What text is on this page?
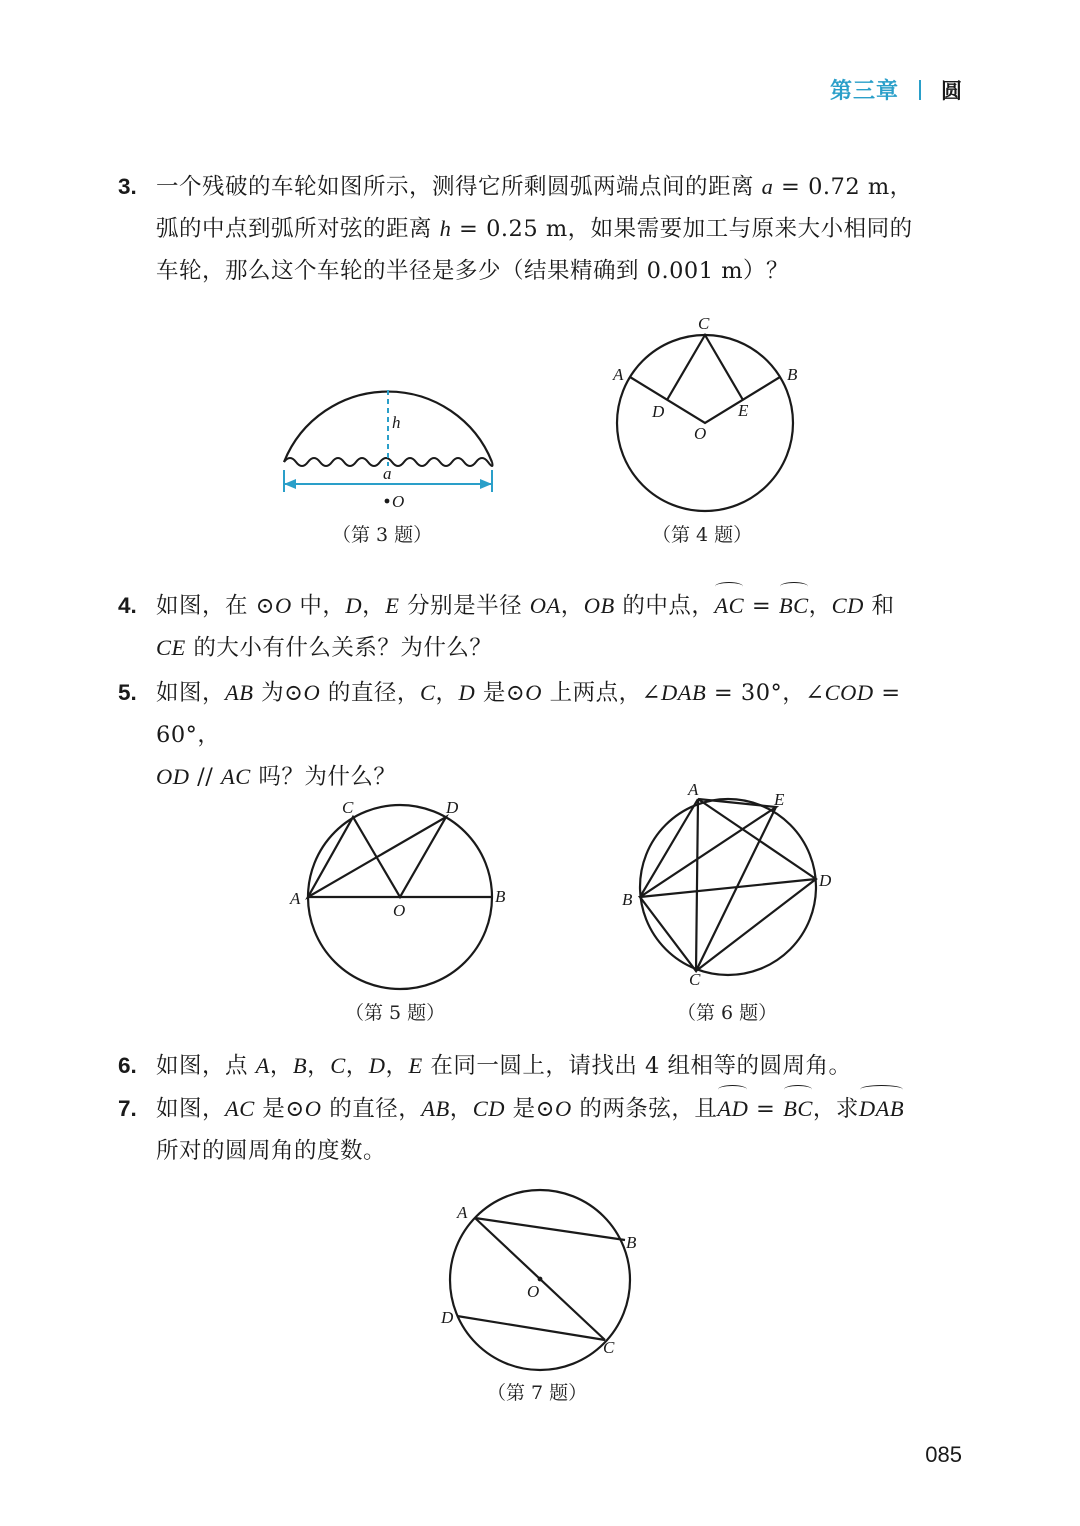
第三章 圆
3. 一个残破的车轮如图所示，测得它所剩圆弧两端点间的距离 a = 0.72 m，
弧的中点到弧所对弦的距离 h = 0.25 m，如果需要加工与原来大小相同的
车轮，那么这个车轮的半径是多少（结果精确到 0.001 m）？
h
a
O
（第 3 题）
C
A	B
D	E
O
（第 4 题）
4. 如图，在 ⊙O 中，D，E 分别是半径 OA，OB 的中点，AC = BC，CD 和
CE 的大小有什么关系？为什么？
5. 如图，AB 为⊙O 的直径，C，D 是⊙O 上两点，∠DAB = 30°，∠COD = 60°，
OD // AC 吗？为什么？
C	D
A	B
O
（第 5 题）
A
E
B
D
C
（第 6 题）
6. 如图，点 A，B，C，D，E 在同一圆上，请找出 4 组相等的圆周角。
7. 如图，AC 是⊙O 的直径，AB，CD 是⊙O 的两条弦，且AD = BC，求DAB
所对的圆周角的度数。
A
B
D
C
O
（第 7 题）
085
